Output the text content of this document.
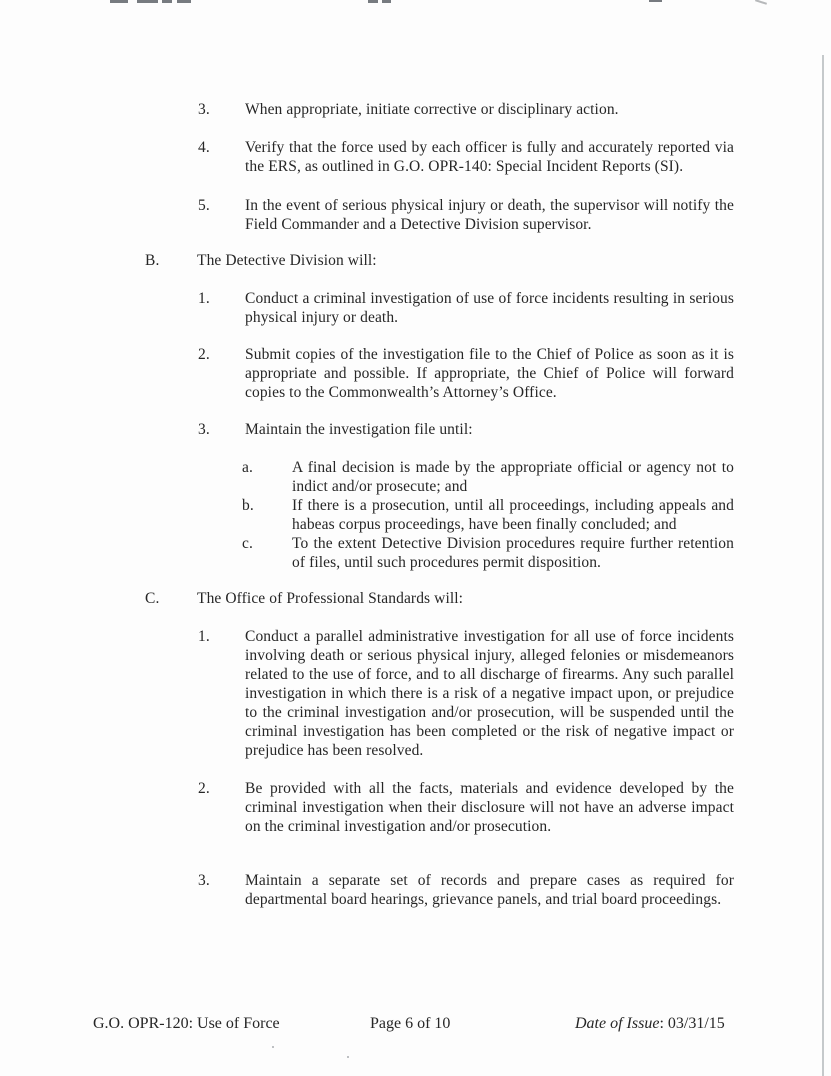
3.	When appropriate, initiate corrective or disciplinary action.
4.	Verify that the force used by each officer is fully and accurately reported via the ERS, as outlined in G.O. OPR-140: Special Incident Reports (SI).
5.	In the event of serious physical injury or death, the supervisor will notify the Field Commander and a Detective Division supervisor.
B.	The Detective Division will:
1.	Conduct a criminal investigation of use of force incidents resulting in serious physical injury or death.
2.	Submit copies of the investigation file to the Chief of Police as soon as it is appropriate and possible. If appropriate, the Chief of Police will forward copies to the Commonwealth’s Attorney’s Office.
3.	Maintain the investigation file until:
a.	A final decision is made by the appropriate official or agency not to indict and/or prosecute; and
b.	If there is a prosecution, until all proceedings, including appeals and habeas corpus proceedings, have been finally concluded; and
c.	To the extent Detective Division procedures require further retention of files, until such procedures permit disposition.
C.	The Office of Professional Standards will:
1.	Conduct a parallel administrative investigation for all use of force incidents involving death or serious physical injury, alleged felonies or misdemeanors related to the use of force, and to all discharge of firearms. Any such parallel investigation in which there is a risk of a negative impact upon, or prejudice to the criminal investigation and/or prosecution, will be suspended until the criminal investigation has been completed or the risk of negative impact or prejudice has been resolved.
2.	Be provided with all the facts, materials and evidence developed by the criminal investigation when their disclosure will not have an adverse impact on the criminal investigation and/or prosecution.
3.	Maintain a separate set of records and prepare cases as required for departmental board hearings, grievance panels, and trial board proceedings.
G.O. OPR-120: Use of Force	Page 6 of 10	Date of Issue: 03/31/15
